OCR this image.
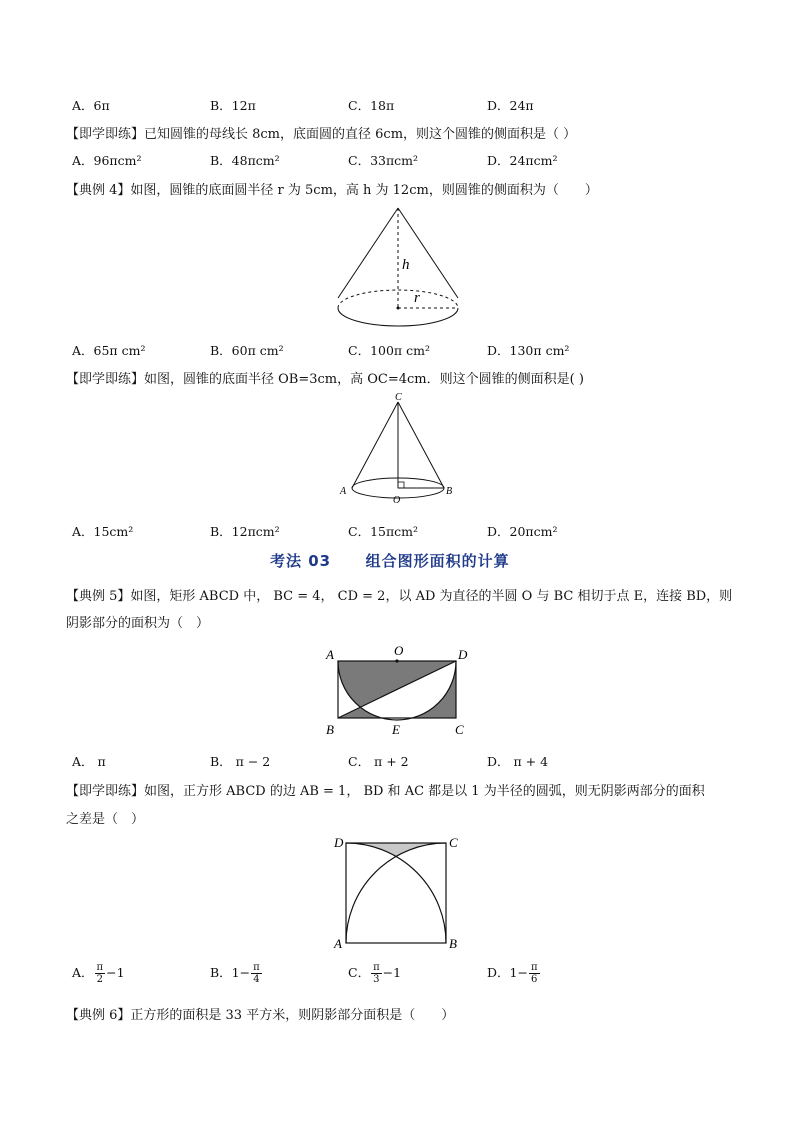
A．6π	B．12π	C．18π	D．24π
【即学即练】已知圆锥的母线长 8cm，底面圆的直径 6cm，则这个圆锥的侧面积是（ ）
A．96πcm²	B．48πcm²	C．33πcm²	D．24πcm²
【典例 4】如图，圆锥的底面圆半径 r 为 5cm，高 h 为 12cm，则圆锥的侧面积为（　　）
h
r
A．65π cm²	B．60π cm²	C．100π cm²	D．130π cm²
【即学即练】如图，圆锥的底面半径 OB=3cm，高 OC=4cm．则这个圆锥的侧面积是( )
C
A
O
B
A．15cm²	B．12πcm²	C．15πcm²	D．20πcm²
考法 03 组合图形面积的计算
【典例 5】如图，矩形 ABCD 中， BC = 4， CD = 2，以 AD 为直径的半圆 O 与 BC 相切于点 E，连接 BD，则
阴影部分的面积为（　）
A	O	D
B	E	C
A． π	B． π − 2	C． π + 2	D． π + 4
【即学即练】如图，正方形 ABCD 的边 AB = 1， BD 和 AC 都是以 1 为半径的圆弧，则无阴影两部分的面积
之差是（　）
D	C
A	B
A． $\frac{\pi}{2} -1$	B．$1- \frac{\pi}{4}$	C． $\frac{\pi}{3} -1$	D．$1- \frac{\pi}{6}$
【典例 6】正方形的面积是 33 平方米，则阴影部分面积是（　　）
